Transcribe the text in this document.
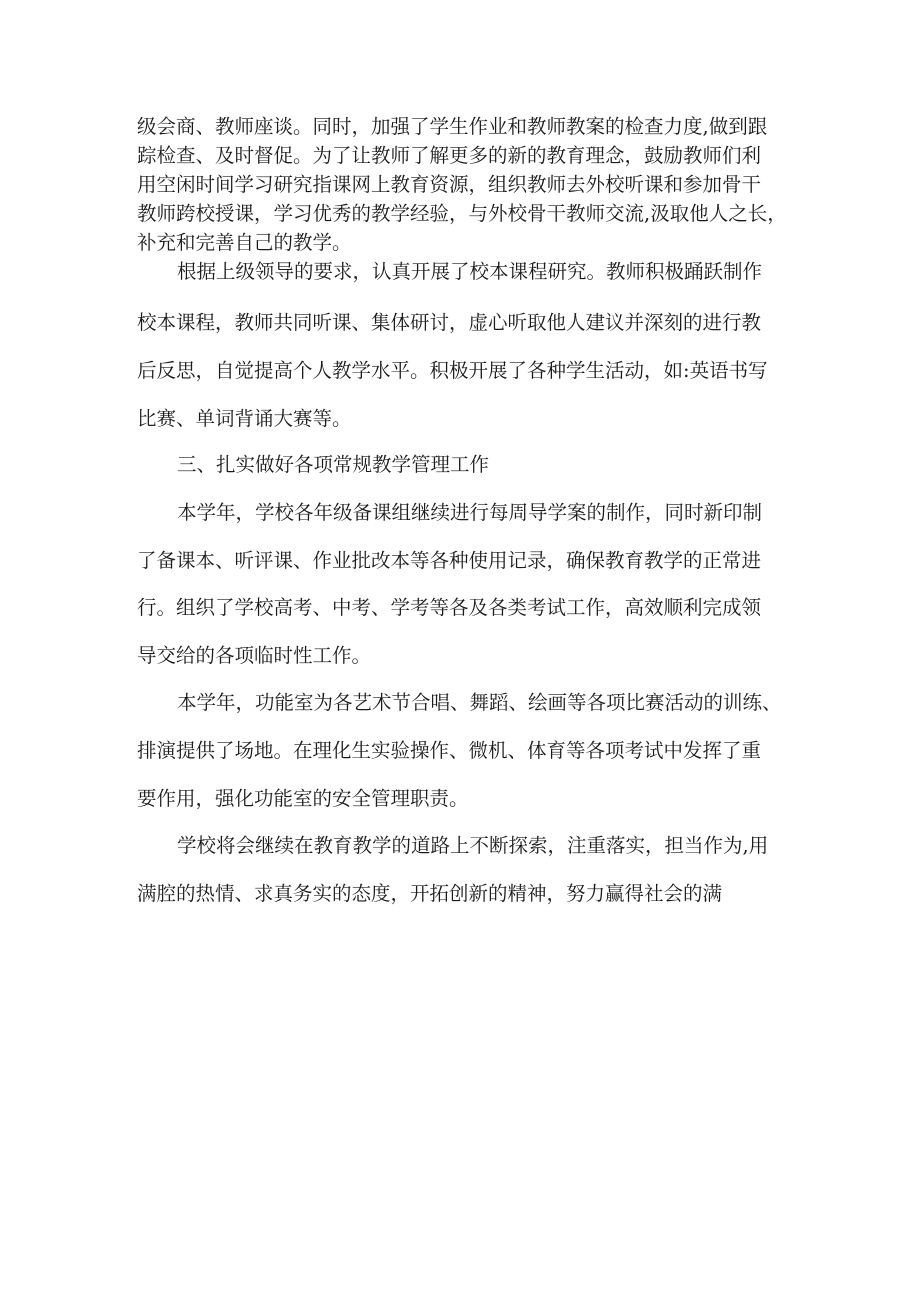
级会商、教师座谈。同时，加强了学生作业和教师教案的检查力度,做到跟
踪检查、及时督促。为了让教师了解更多的新的教育理念，鼓励教师们利
用空闲时间学习研究指课网上教育资源，组织教师去外校听课和参加骨干
教师跨校授课，学习优秀的教学经验，与外校骨干教师交流,汲取他人之长，
补充和完善自己的教学。
根据上级领导的要求，认真开展了校本课程研究。教师积极踊跃制作
校本课程，教师共同听课、集体研讨，虚心听取他人建议并深刻的进行教
后反思，自觉提高个人教学水平。积极开展了各种学生活动，如:英语书写
比赛、单词背诵大赛等。
三、扎实做好各项常规教学管理工作
本学年，学校各年级备课组继续进行每周导学案的制作，同时新印制
了备课本、听评课、作业批改本等各种使用记录，确保教育教学的正常进
行。组织了学校高考、中考、学考等各及各类考试工作，高效顺利完成领
导交给的各项临时性工作。
本学年，功能室为各艺术节合唱、舞蹈、绘画等各项比赛活动的训练、
排演提供了场地。在理化生实验操作、微机、体育等各项考试中发挥了重
要作用，强化功能室的安全管理职责。
学校将会继续在教育教学的道路上不断探索，注重落实，担当作为,用
满腔的热情、求真务实的态度，开拓创新的精神，努力赢得社会的满
